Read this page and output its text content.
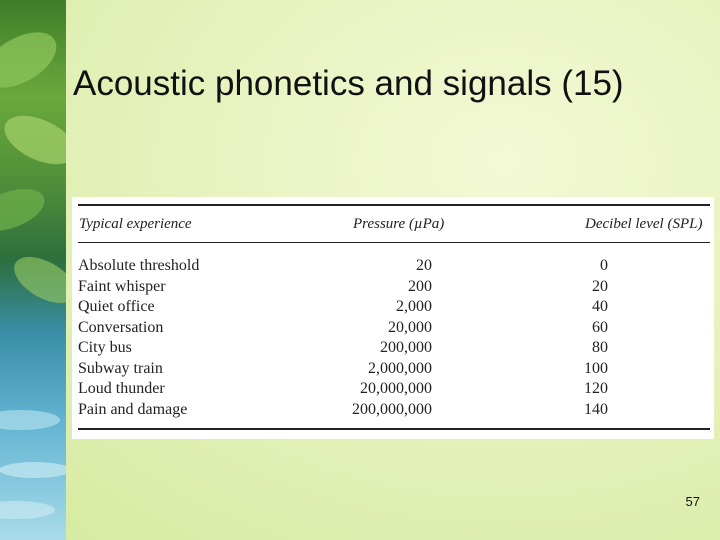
Acoustic phonetics and signals (15)
Typical experience	Pressure (µPa)	Decibel level (SPL)
Absolute threshold	20	0
Faint whisper	200	20
Quiet office	2,000	40
Conversation	20,000	60
City bus	200,000	80
Subway train	2,000,000	100
Loud thunder	20,000,000	120
Pain and damage	200,000,000	140
57
